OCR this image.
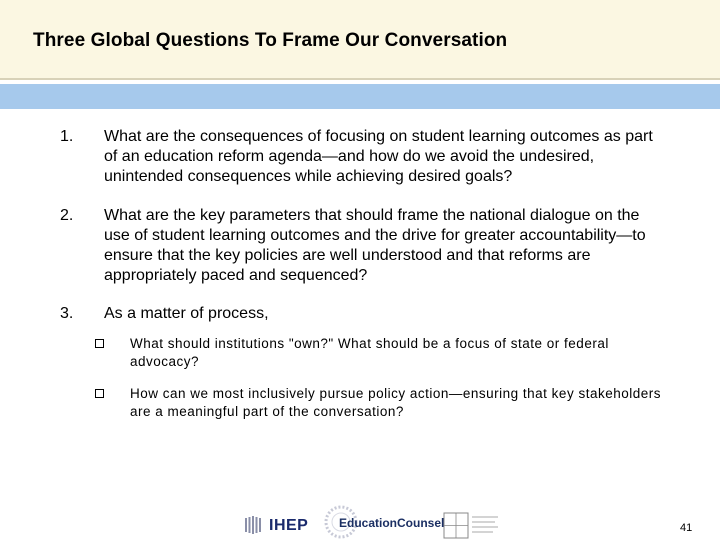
Three Global Questions To Frame Our Conversation
1. What are the consequences of focusing on student learning outcomes as part of an education reform agenda—and how do we avoid the undesired, unintended consequences while achieving desired goals?
2. What are the key parameters that should frame the national dialogue on the use of student learning outcomes and the drive for greater accountability—to ensure that the key policies are well understood and that reforms are appropriately paced and sequenced?
3. As a matter of process,
What should institutions "own?" What should be a focus of state or federal advocacy?
How can we most inclusively pursue policy action—ensuring that key stakeholders are a meaningful part of the conversation?
IHEP	EducationCounsel	41
